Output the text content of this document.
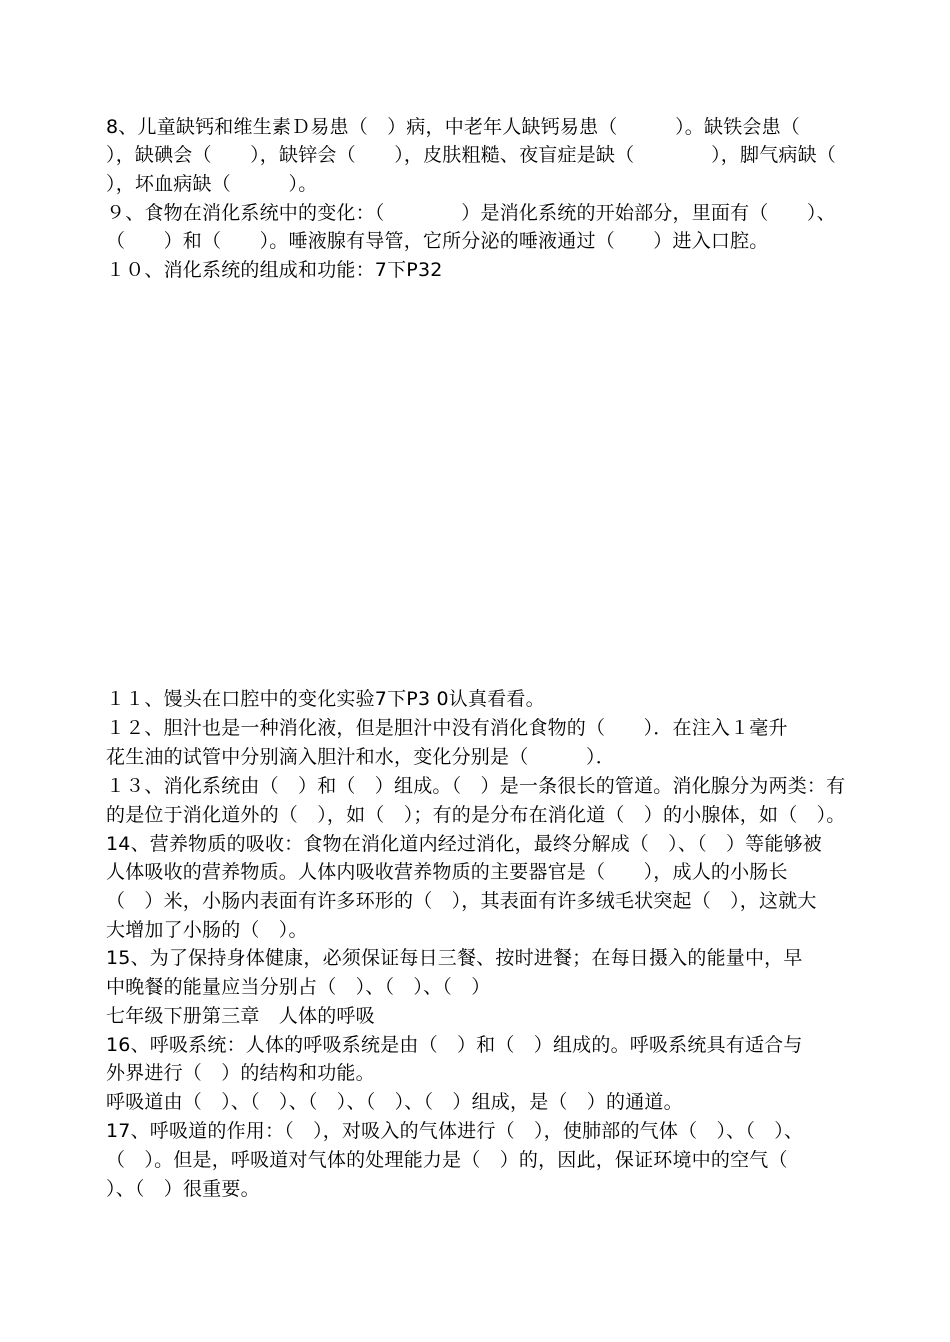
8、儿童缺钙和维生素Ｄ易患（　）病，中老年人缺钙易患（　　　）。缺铁会患（
），缺碘会（　　），缺锌会（　　），皮肤粗糙、夜盲症是缺（　　　　），脚气病缺（
），坏血病缺（　　　）。
９、食物在消化系统中的变化：（　　　　）是消化系统的开始部分，里面有（　　）、
（　　）和（　　）。唾液腺有导管，它所分泌的唾液通过（　　）进入口腔。
１０、消化系统的组成和功能：7下P32
１１、馒头在口腔中的变化实验7下P3 0认真看看。
１２、胆汁也是一种消化液，但是胆汁中没有消化食物的（　　）．在注入１毫升
花生油的试管中分别滴入胆汁和水，变化分别是（　　　）．
１３、消化系统由（　）和（　）组成。（　）是一条很长的管道。消化腺分为两类：有
的是位于消化道外的（　），如（　）；有的是分布在消化道（　）的小腺体，如（　）。
14、营养物质的吸收：食物在消化道内经过消化，最终分解成（　）、（　）等能够被
人体吸收的营养物质。人体内吸收营养物质的主要器官是（　　），成人的小肠长
（　）米，小肠内表面有许多环形的（　），其表面有许多绒毛状突起（　），这就大
大增加了小肠的（　）。
15、为了保持身体健康，必须保证每日三餐、按时进餐；在每日摄入的能量中，早
中晚餐的能量应当分别占（　）、（　）、（　）
七年级下册第三章　人体的呼吸
16、呼吸系统：人体的呼吸系统是由（　）和（　）组成的。呼吸系统具有适合与
外界进行（　）的结构和功能。
呼吸道由（　）、（　）、（　）、（　）、（　）组成，是（　）的通道。
17、呼吸道的作用：（　），对吸入的气体进行（　），使肺部的气体（　）、（　）、
（　）。但是，呼吸道对气体的处理能力是（　）的，因此，保证环境中的空气（
）、（　）很重要。
